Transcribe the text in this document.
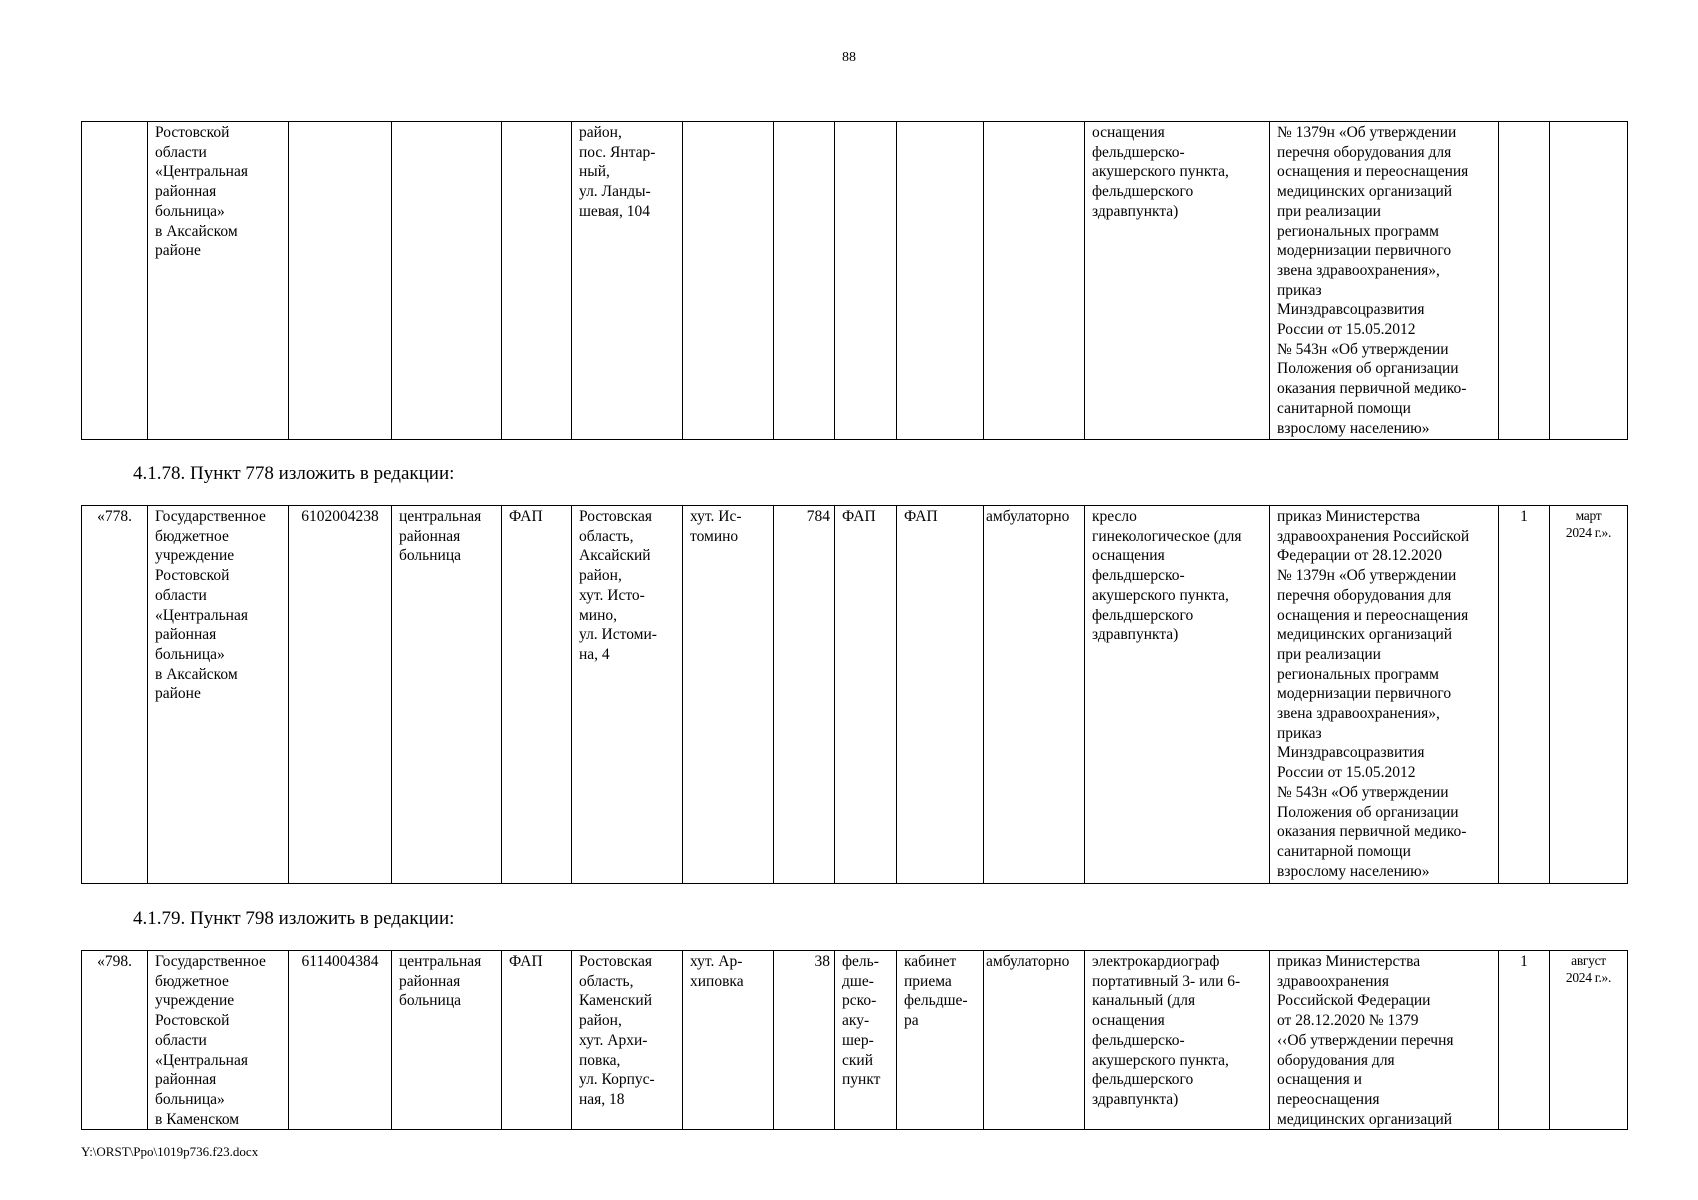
88
	Ростовской
области
«Центральная
районная
больница»
в Аксайском
районе				район,
пос. Янтар-
ный,
ул. Ланды-
шевая, 104						оснащения
фельдшерско-
акушерского пункта,
фельдшерского
здравпункта)	№ 1379н «Об утверждении
перечня оборудования для
оснащения и переоснащения
медицинских организаций
при реализации
региональных программ
модернизации первичного
звена здравоохранения»,
приказ
Минздравсоцразвития
России от 15.05.2012
№ 543н «Об утверждении
Положения об организации
оказания первичной медико-
санитарной помощи
взрослому населению»		
4.1.78. Пункт 778 изложить в редакции:
«778.	Государственное
бюджетное
учреждение
Ростовской
области
«Центральная
районная
больница»
в Аксайском
районе	6102004238	центральная
районная
больница	ФАП	Ростовская
область,
Аксайский
район,
хут. Исто-
мино,
ул. Истоми-
на, 4	хут. Ис-
томино	784	ФАП	ФАП	амбулаторно	кресло
гинекологическое (для
оснащения
фельдшерско-
акушерского пункта,
фельдшерского
здравпункта)	приказ Министерства
здравоохранения Российской
Федерации от 28.12.2020
№ 1379н «Об утверждении
перечня оборудования для
оснащения и переоснащения
медицинских организаций
при реализации
региональных программ
модернизации первичного
звена здравоохранения»,
приказ
Минздравсоцразвития
России от 15.05.2012
№ 543н «Об утверждении
Положения об организации
оказания первичной медико-
санитарной помощи
взрослому населению»	1	март
2024 г.».
4.1.79. Пункт 798 изложить в редакции:
«798.	Государственное
бюджетное
учреждение
Ростовской
области
«Центральная
районная
больница»
в Каменском	6114004384	центральная
районная
больница	ФАП	Ростовская
область,
Каменский
район,
хут. Архи-
повка,
ул. Корпус-
ная, 18	хут. Ар-
хиповка	38	фель-
дше-
рско-
аку-
шер-
ский
пункт	кабинет
приема
фельдше-
ра	амбулаторно	электрокардиограф
портативный 3- или 6-
канальный (для
оснащения
фельдшерско-
акушерского пункта,
фельдшерского
здравпункта)	приказ Министерства
здравоохранения
Российской Федерации
от 28.12.2020 № 1379
‹‹Об утверждении перечня
оборудования для
оснащения и
переоснащения
медицинских организаций	1	август
2024 г.».
Y:\ORST\Ppo\1019p736.f23.docx
